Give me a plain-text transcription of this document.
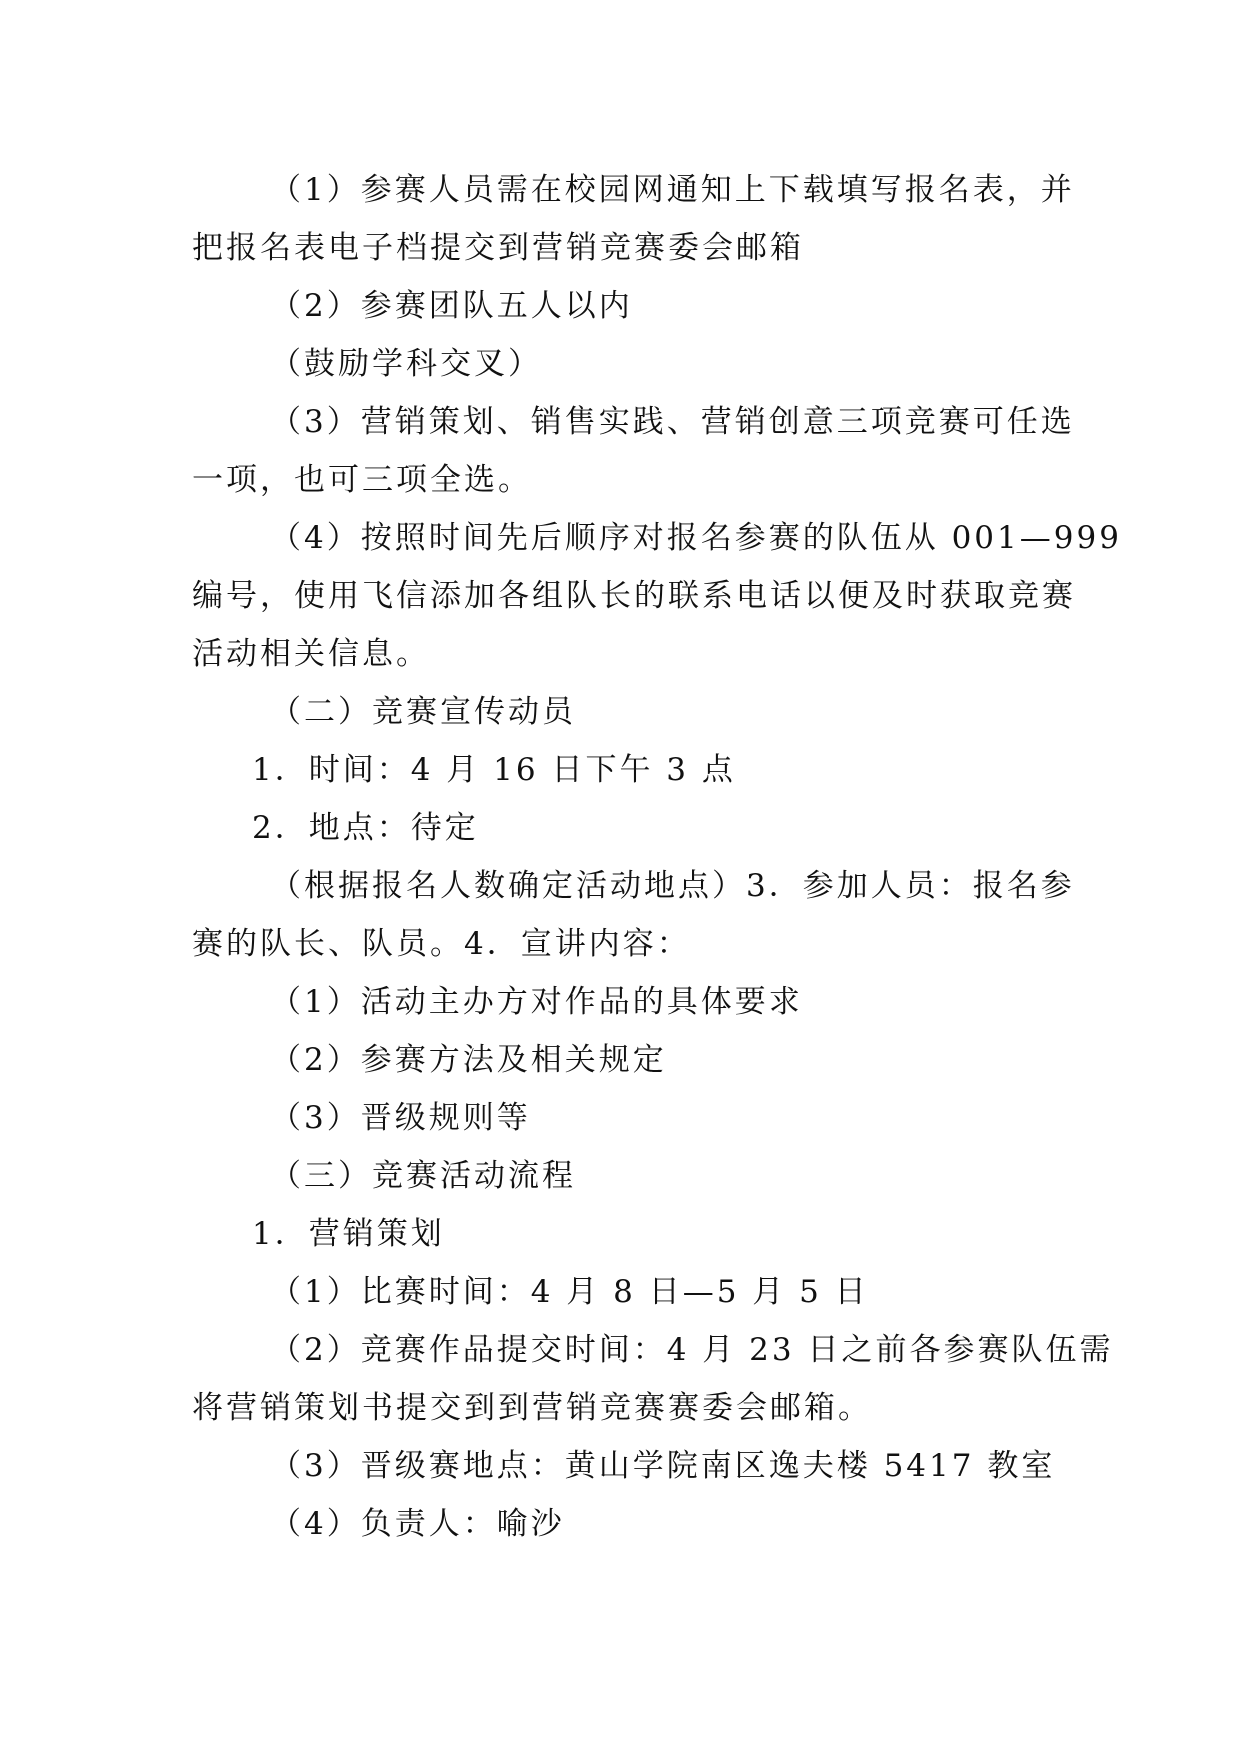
（1）参赛人员需在校园网通知上下载填写报名表，并

把报名表电子档提交到营销竞赛委会邮箱

（2）参赛团队五人以内

（鼓励学科交叉）

（3）营销策划、销售实践、营销创意三项竞赛可任选

一项，也可三项全选。

（4）按照时间先后顺序对报名参赛的队伍从 001—999

编号，使用飞信添加各组队长的联系电话以便及时获取竞赛

活动相关信息。

（二）竞赛宣传动员

1．时间：4 月 16 日下午 3 点

2．地点：待定

（根据报名人数确定活动地点）3．参加人员：报名参

赛的队长、队员。4．宣讲内容：

（1）活动主办方对作品的具体要求

（2）参赛方法及相关规定

（3）晋级规则等

（三）竞赛活动流程

1．营销策划

（1）比赛时间：4 月 8 日—5 月 5 日

（2）竞赛作品提交时间：4 月 23 日之前各参赛队伍需

将营销策划书提交到到营销竞赛赛委会邮箱。

（3）晋级赛地点：黄山学院南区逸夫楼 5417 教室

（4）负责人：喻沙
